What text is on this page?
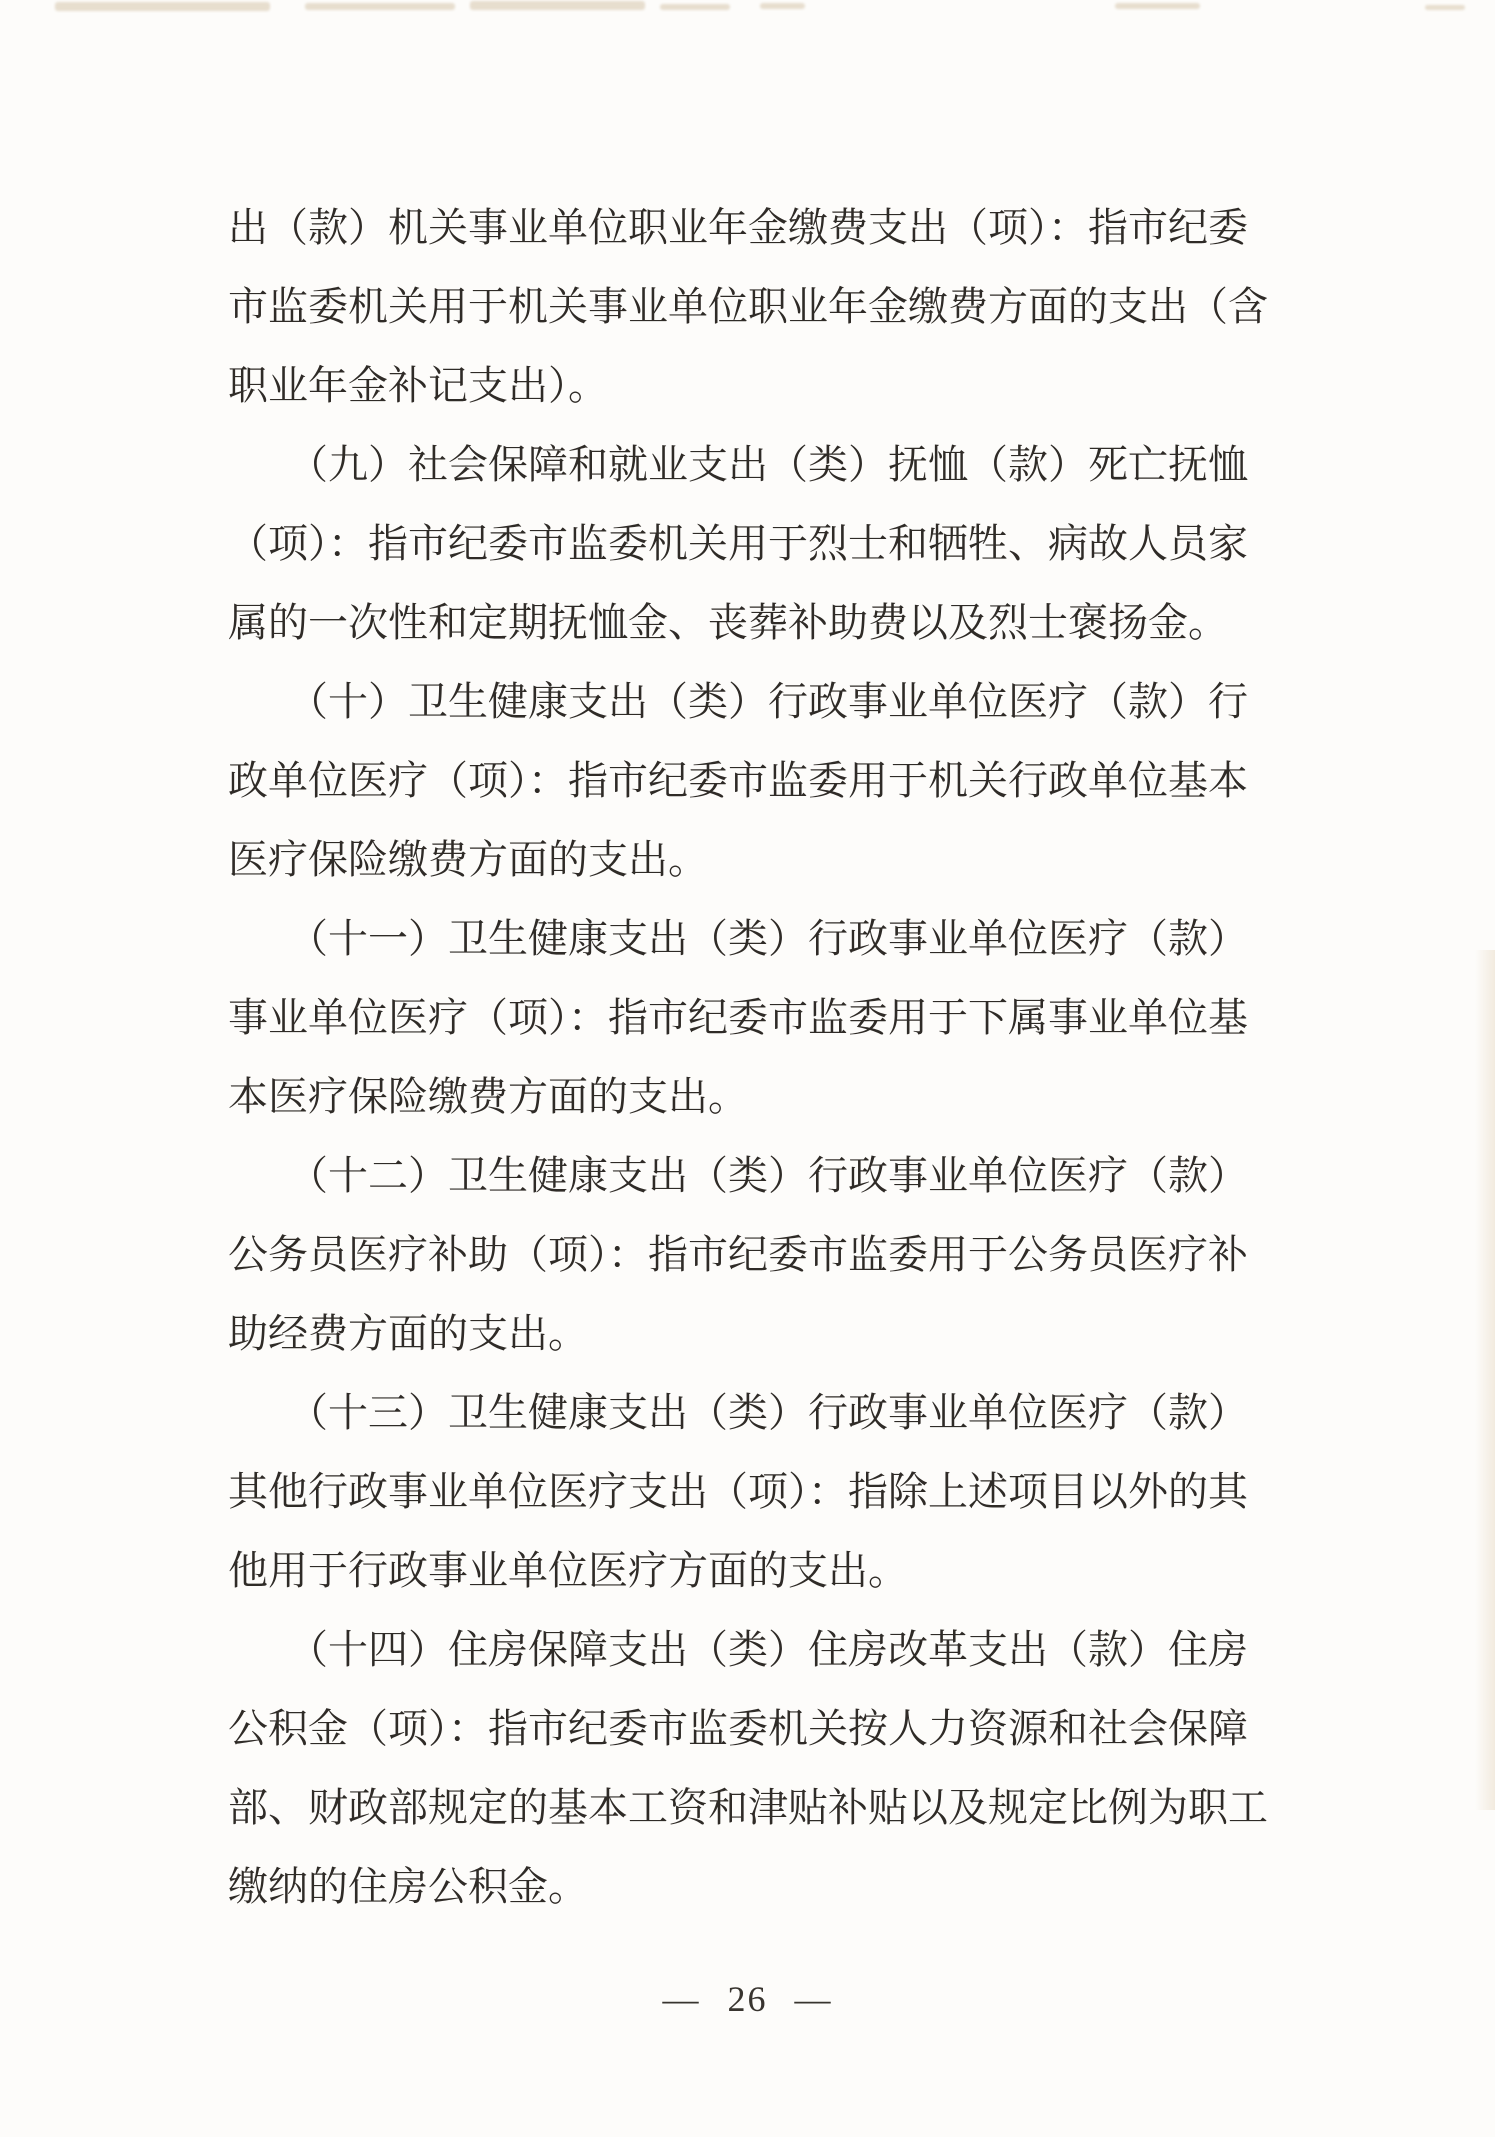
出（款）机关事业单位职业年金缴费支出（项）：指市纪委
市监委机关用于机关事业单位职业年金缴费方面的支出（含
职业年金补记支出）。
　　（九）社会保障和就业支出（类）抚恤（款）死亡抚恤
（项）：指市纪委市监委机关用于烈士和牺牲、病故人员家
属的一次性和定期抚恤金、丧葬补助费以及烈士褒扬金。
　　（十）卫生健康支出（类）行政事业单位医疗（款）行
政单位医疗（项）：指市纪委市监委用于机关行政单位基本
医疗保险缴费方面的支出。
　　（十一）卫生健康支出（类）行政事业单位医疗（款）
事业单位医疗（项）：指市纪委市监委用于下属事业单位基
本医疗保险缴费方面的支出。
　　（十二）卫生健康支出（类）行政事业单位医疗（款）
公务员医疗补助（项）：指市纪委市监委用于公务员医疗补
助经费方面的支出。
　　（十三）卫生健康支出（类）行政事业单位医疗（款）
其他行政事业单位医疗支出（项）：指除上述项目以外的其
他用于行政事业单位医疗方面的支出。
　　（十四）住房保障支出（类）住房改革支出（款）住房
公积金（项）：指市纪委市监委机关按人力资源和社会保障
部、财政部规定的基本工资和津贴补贴以及规定比例为职工
缴纳的住房公积金。
— 26 —
